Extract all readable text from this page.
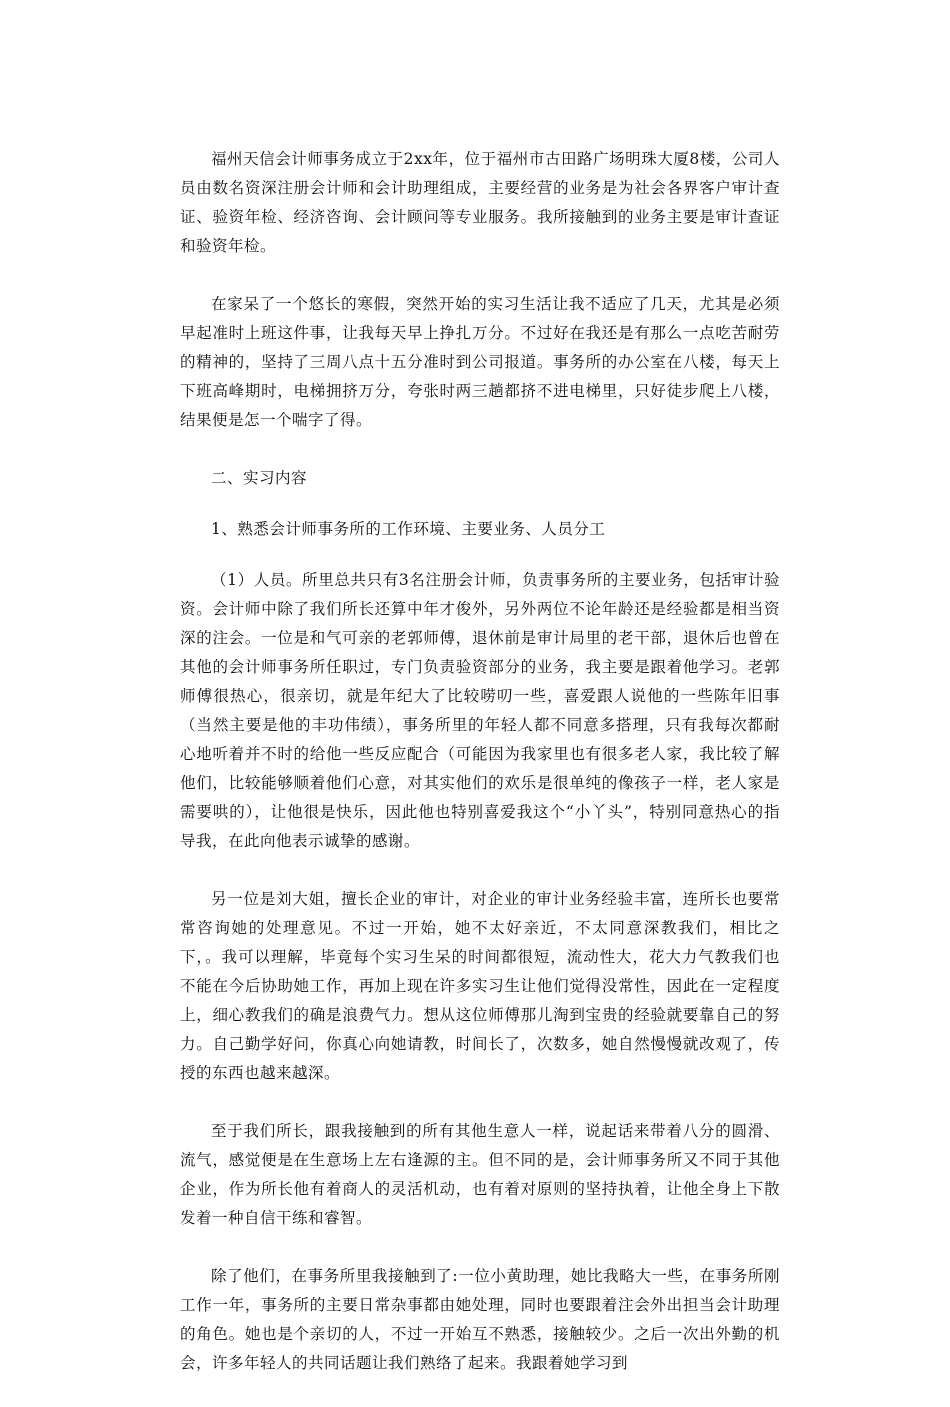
福州天信会计师事务成立于2xx年，位于福州市古田路广场明珠大厦8楼，公司人员由数名资深注册会计师和会计助理组成，主要经营的业务是为社会各界客户审计查证、验资年检、经济咨询、会计顾问等专业服务。我所接触到的业务主要是审计查证和验资年检。

在家呆了一个悠长的寒假，突然开始的实习生活让我不适应了几天，尤其是必须早起准时上班这件事，让我每天早上挣扎万分。不过好在我还是有那么一点吃苦耐劳的精神的，坚持了三周八点十五分准时到公司报道。事务所的办公室在八楼，每天上下班高峰期时，电梯拥挤万分，夸张时两三趟都挤不进电梯里，只好徒步爬上八楼，结果便是怎一个喘字了得。

二、实习内容

1、熟悉会计师事务所的工作环境、主要业务、人员分工

（1）人员。所里总共只有3名注册会计师，负责事务所的主要业务，包括审计验资。会计师中除了我们所长还算中年才俊外，另外两位不论年龄还是经验都是相当资深的注会。一位是和气可亲的老郭师傅，退休前是审计局里的老干部，退休后也曾在其他的会计师事务所任职过，专门负责验资部分的业务，我主要是跟着他学习。老郭师傅很热心，很亲切，就是年纪大了比较唠叨一些，喜爱跟人说他的一些陈年旧事（当然主要是他的丰功伟绩），事务所里的年轻人都不同意多搭理，只有我每次都耐心地听着并不时的给他一些反应配合（可能因为我家里也有很多老人家，我比较了解他们，比较能够顺着他们心意，对其实他们的欢乐是很单纯的像孩子一样，老人家是需要哄的），让他很是快乐，因此他也特别喜爱我这个“小丫头”，特别同意热心的指导我，在此向他表示诚挚的感谢。

另一位是刘大姐，擅长企业的审计，对企业的审计业务经验丰富，连所长也要常常咨询她的处理意见。不过一开始，她不太好亲近，不太同意深教我们，相比之下，。我可以理解，毕竟每个实习生呆的时间都很短，流动性大，花大力气教我们也不能在今后协助她工作，再加上现在许多实习生让他们觉得没常性，因此在一定程度上，细心教我们的确是浪费气力。想从这位师傅那儿淘到宝贵的经验就要靠自己的努力。自己勤学好问，你真心向她请教，时间长了，次数多，她自然慢慢就改观了，传授的东西也越来越深。

至于我们所长，跟我接触到的所有其他生意人一样，说起话来带着八分的圆滑、流气，感觉便是在生意场上左右逢源的主。但不同的是，会计师事务所又不同于其他企业，作为所长他有着商人的灵活机动，也有着对原则的坚持执着，让他全身上下散发着一种自信干练和睿智。

除了他们，在事务所里我接触到了:一位小黄助理，她比我略大一些，在事务所刚工作一年，事务所的主要日常杂事都由她处理，同时也要跟着注会外出担当会计助理的角色。她也是个亲切的人，不过一开始互不熟悉，接触较少。之后一次出外勤的机会，许多年轻人的共同话题让我们熟络了起来。我跟着她学习到
